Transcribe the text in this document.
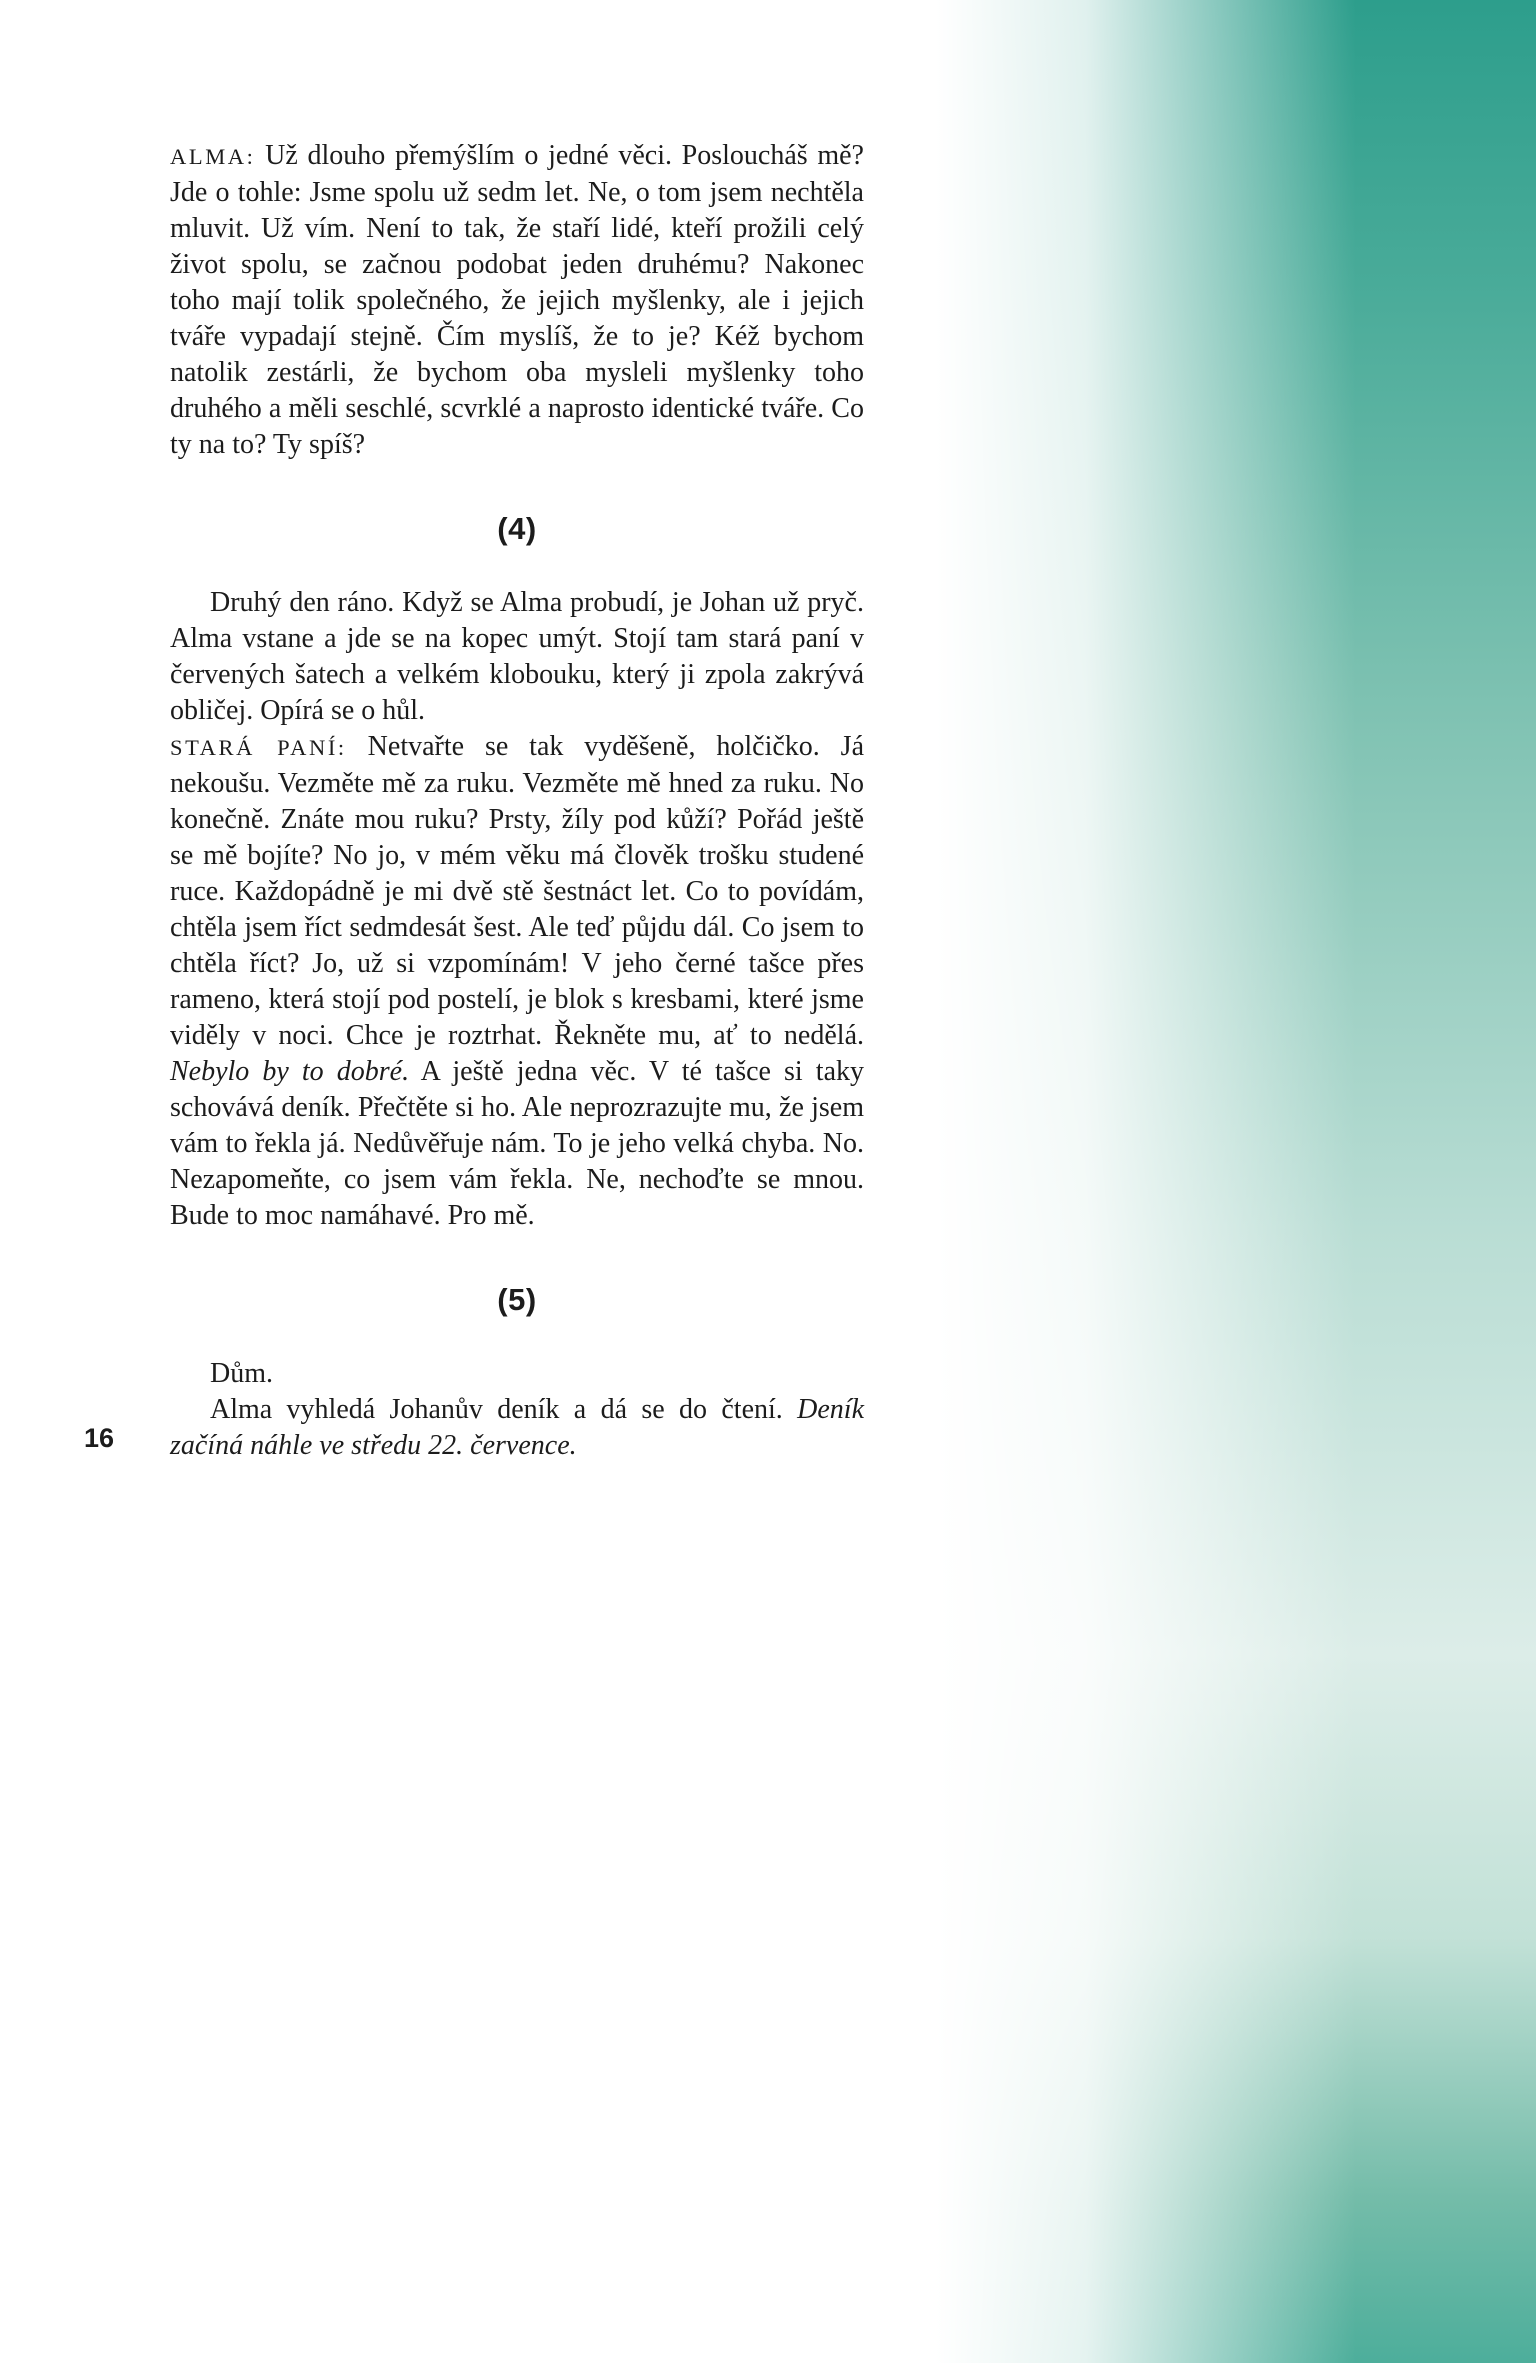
ALMA: Už dlouho přemýšlím o jedné věci. Posloucháš mě? Jde o tohle: Jsme spolu už sedm let. Ne, o tom jsem nechtěla mluvit. Už vím. Není to tak, že staří lidé, kteří prožili celý život spolu, se začnou podobat jeden druhému? Nakonec toho mají tolik společného, že jejich myšlenky, ale i jejich tváře vypadají stejně. Čím myslíš, že to je? Kéž bychom natolik zestárli, že bychom oba mysleli myšlenky toho druhého a měli seschlé, scvrklé a naprosto identické tváře. Co ty na to? Ty spíš?

(4)

Druhý den ráno. Když se Alma probudí, je Johan už pryč. Alma vstane a jde se na kopec umýt. Stojí tam stará paní v červených šatech a velkém klobouku, který ji zpola zakrývá obličej. Opírá se o hůl.

STARÁ PANÍ: Netvařte se tak vyděšeně, holčičko. Já nekoušu. Vezměte mě za ruku. Vezměte mě hned za ruku. No konečně. Znáte mou ruku? Prsty, žíly pod kůží? Pořád ještě se mě bojíte? No jo, v mém věku má člověk trošku studené ruce. Každopádně je mi dvě stě šestnáct let. Co to povídám, chtěla jsem říct sedmdesát šest. Ale teď půjdu dál. Co jsem to chtěla říct? Jo, už si vzpomínám! V jeho černé tašce přes rameno, která stojí pod postelí, je blok s kresbami, které jsme viděly v noci. Chce je roztrhat. Řekněte mu, ať to nedělá. Nebylo by to dobré. A ještě jedna věc. V té tašce si taky schovává deník. Přečtěte si ho. Ale neprozrazujte mu, že jsem vám to řekla já. Nedůvěřuje nám. To je jeho velká chyba. No. Nezapomeňte, co jsem vám řekla. Ne, nechoďte se mnou. Bude to moc namáhavé. Pro mě.

(5)

Dům.

Alma vyhledá Johanův deník a dá se do čtení. Deník začíná náhle ve středu 22. července.

16
